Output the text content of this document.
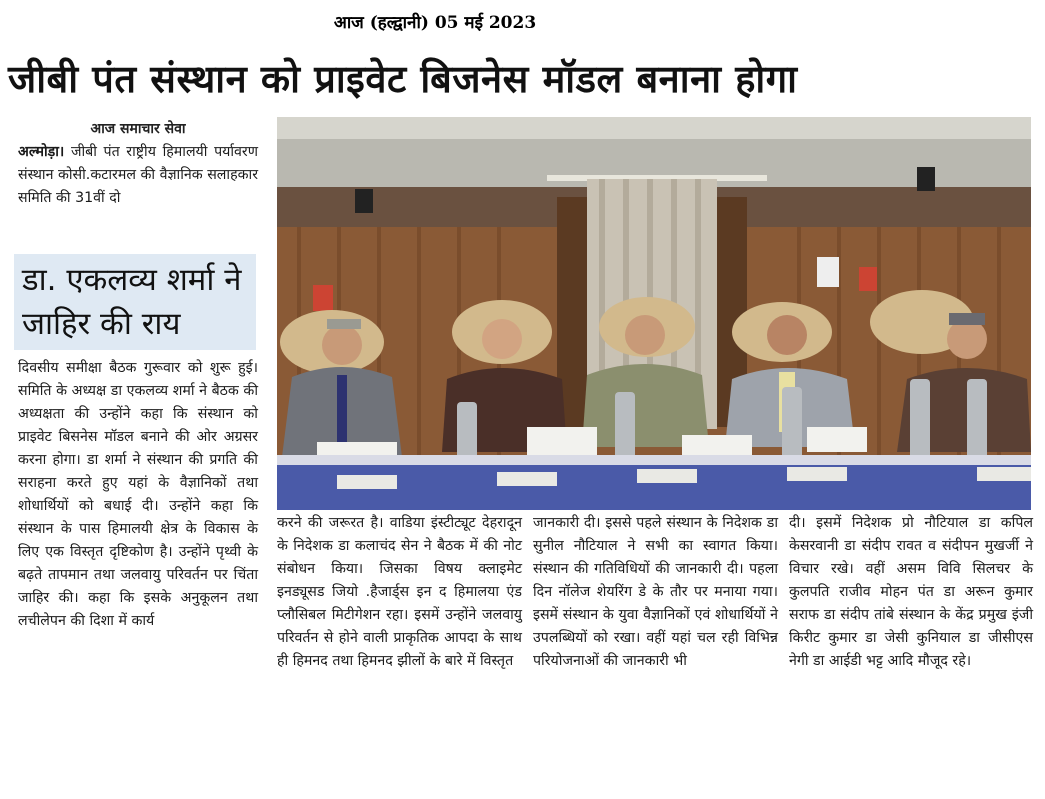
आज (हल्द्वानी) 05 मई 2023
जीबी पंत संस्थान को प्राइवेट बिजनेस मॉडल बनाना होगा
आज समाचार सेवा

अल्मोड़ा। जीबी पंत राष्ट्रीय हिमालयी पर्यावरण संस्थान कोसी.कटारमल की वैज्ञानिक सलाहकार समिति की 31वीं दो

डा. एकलव्य शर्मा ने जाहिर की राय

दिवसीय समीक्षा बैठक गुरूवार को शुरू हुई। समिति के अध्यक्ष डा एकलव्य शर्मा ने बैठक की अध्यक्षता की उन्होंने कहा कि संस्थान को प्राइवेट बिसनेस मॉडल बनाने की ओर अग्रसर करना होगा। डा शर्मा ने संस्थान की प्रगति की सराहना करते हुए यहां के वैज्ञानिकों तथा शोधार्थियों को बधाई दी। उन्होंने कहा कि संस्थान के पास हिमालयी क्षेत्र के विकास के लिए एक विस्तृत दृष्टिकोण है। उन्होंने पृथ्वी के बढ़ते तापमान तथा जलवायु परिवर्तन पर चिंता जाहिर की। कहा कि इसके अनुकूलन तथा लचीलेपन की दिशा में कार्य

करने की जरूरत है। वाडिया इंस्टीट्यूट देहरादून के निदेशक डा कलाचंद सेन ने बैठक में की नोट संबोधन किया। जिसका विषय क्लाइमेट इनड्यूसड जियो .हैजार्ड्स इन द हिमालया एंड प्लौसिबल मिटीगेशन रहा। इसमें उन्होंने जलवायु परिवर्तन से होने वाली प्राकृतिक आपदा के साथ ही हिमनद तथा हिमनद झीलों के बारे में विस्तृत

जानकारी दी। इससे पहले संस्थान के निदेशक डा सुनील नौटियाल ने सभी का स्वागत किया। संस्थान की गतिविधियों की जानकारी दी। पहला दिन नॉलेज शेयरिंग डे के तौर पर मनाया गया। इसमें संस्थान के युवा वैज्ञानिकों एवं शोधार्थियों ने उपलब्धियों को रखा। वहीं यहां चल रही विभिन्न परियोजनाओं की जानकारी भी

दी। इसमें निदेशक प्रो नौटियाल डा कपिल केसरवानी डा संदीप रावत व संदीपन मुखर्जी ने विचार रखे। वहीं असम विवि सिलचर के कुलपति राजीव मोहन पंत डा अरून कुमार सराफ डा संदीप तांबे संस्थान के केंद्र प्रमुख इंजी किरीट कुमार डा जेसी कुनियाल डा जीसीएस नेगी डा आईडी भट्ट आदि मौजूद रहे।
